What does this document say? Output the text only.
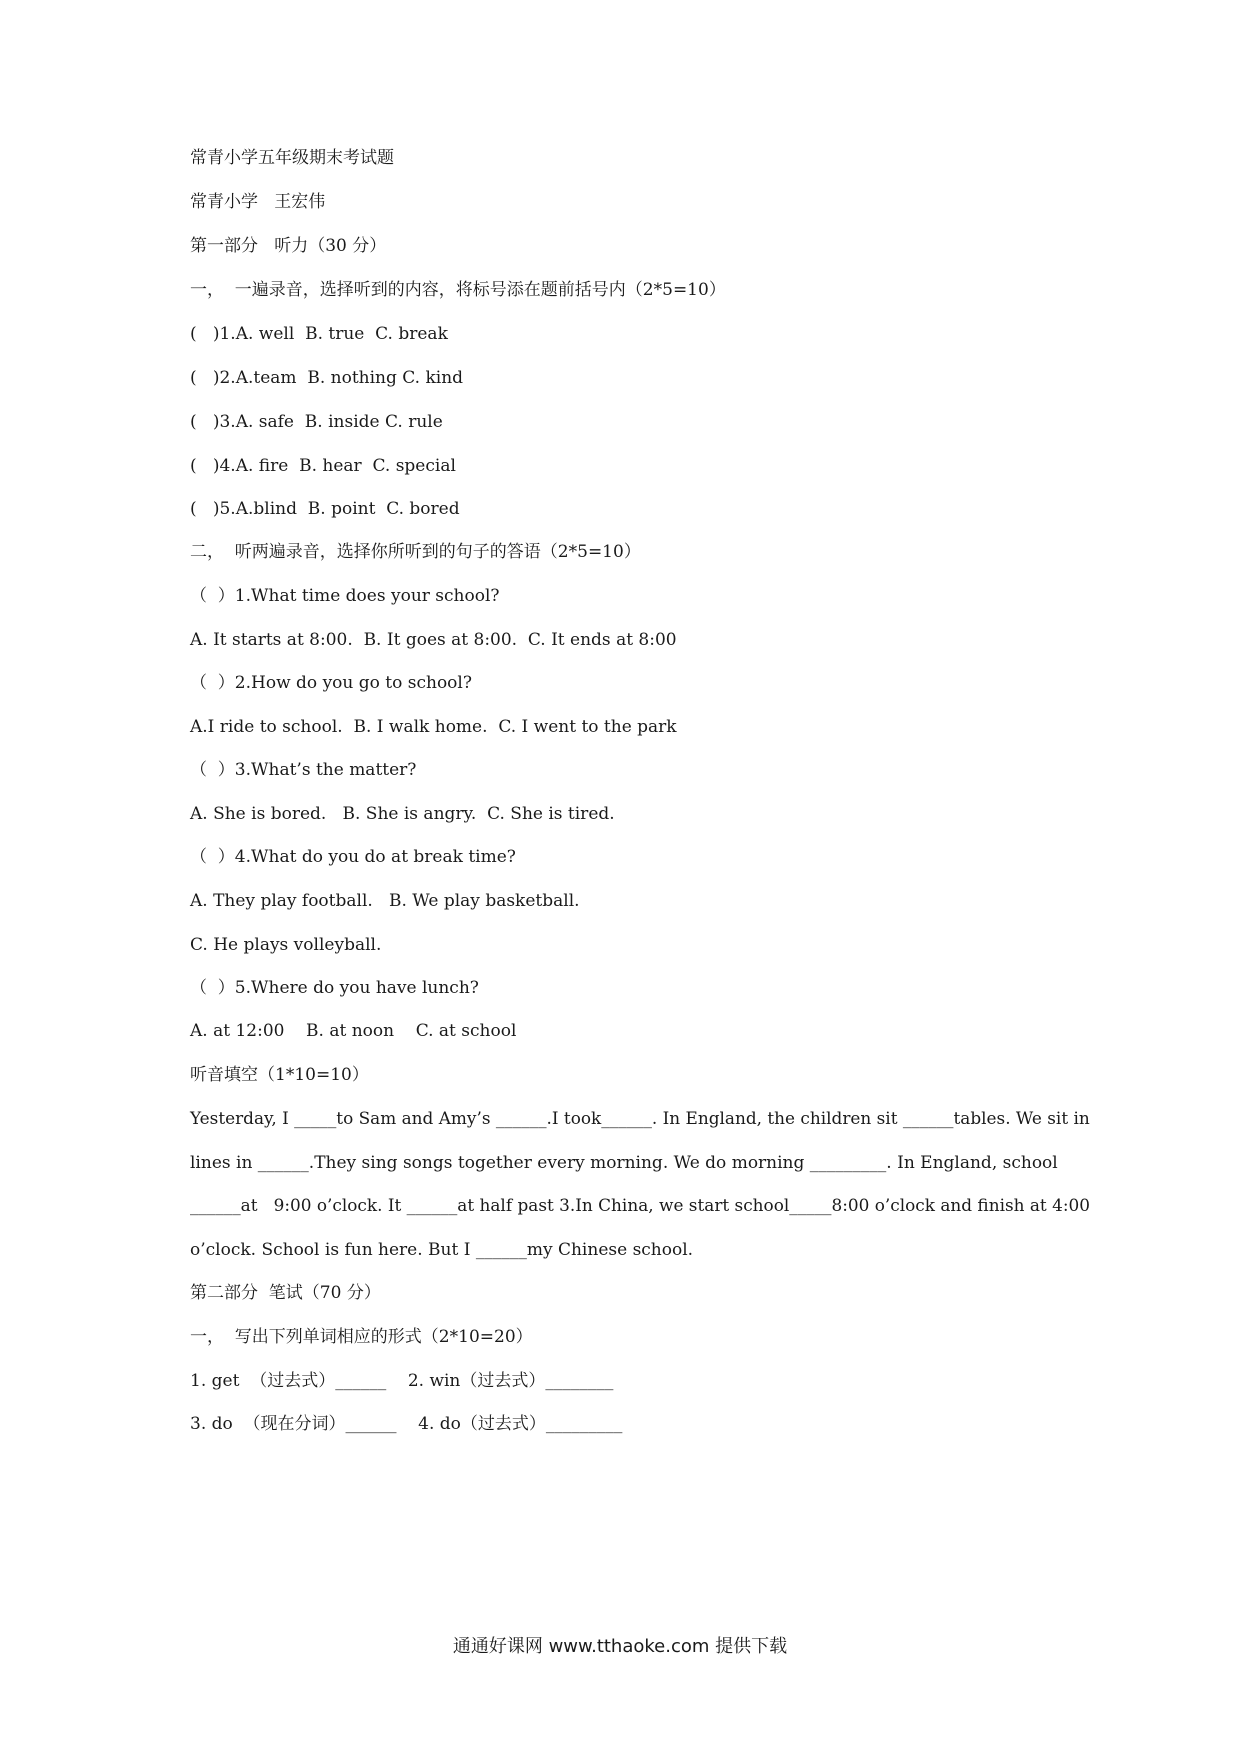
常青小学五年级期末考试题
常青小学   王宏伟
第一部分   听力（30 分）
一，  一遍录音，选择听到的内容，将标号添在题前括号内（2*5=10）
(   )1.A. well  B. true  C. break
(   )2.A.team  B. nothing C. kind
(   )3.A. safe  B. inside C. rule
(   )4.A. fire  B. hear  C. special
(   )5.A.blind  B. point  C. bored
二，  听两遍录音，选择你所听到的句子的答语（2*5=10）
（  ）1.What time does your school?
A. It starts at 8:00.  B. It goes at 8:00.  C. It ends at 8:00
（  ）2.How do you go to school?
A.I ride to school.  B. I walk home.  C. I went to the park
（  ）3.What’s the matter?
A. She is bored.   B. She is angry.  C. She is tired.
（  ）4.What do you do at break time?
A. They play football.   B. We play basketball.
C. He plays volleyball.
（  ）5.Where do you have lunch?
A. at 12:00    B. at noon    C. at school
听音填空（1*10=10）
Yesterday, I _____to Sam and Amy’s ______.I took______. In England, the children sit ______tables. We sit in
lines in ______.They sing songs together every morning. We do morning _________. In England, school
______at   9:00 o’clock. It ______at half past 3.In China, we start school_____8:00 o’clock and finish at 4:00
o’clock. School is fun here. But I ______my Chinese school.
第二部分  笔试（70 分）
一，  写出下列单词相应的形式（2*10=20）
1. get  （过去式）______    2. win（过去式）________
3. do  （现在分词）______    4. do（过去式）_________
通通好课网 www.tthaoke.com 提供下载
